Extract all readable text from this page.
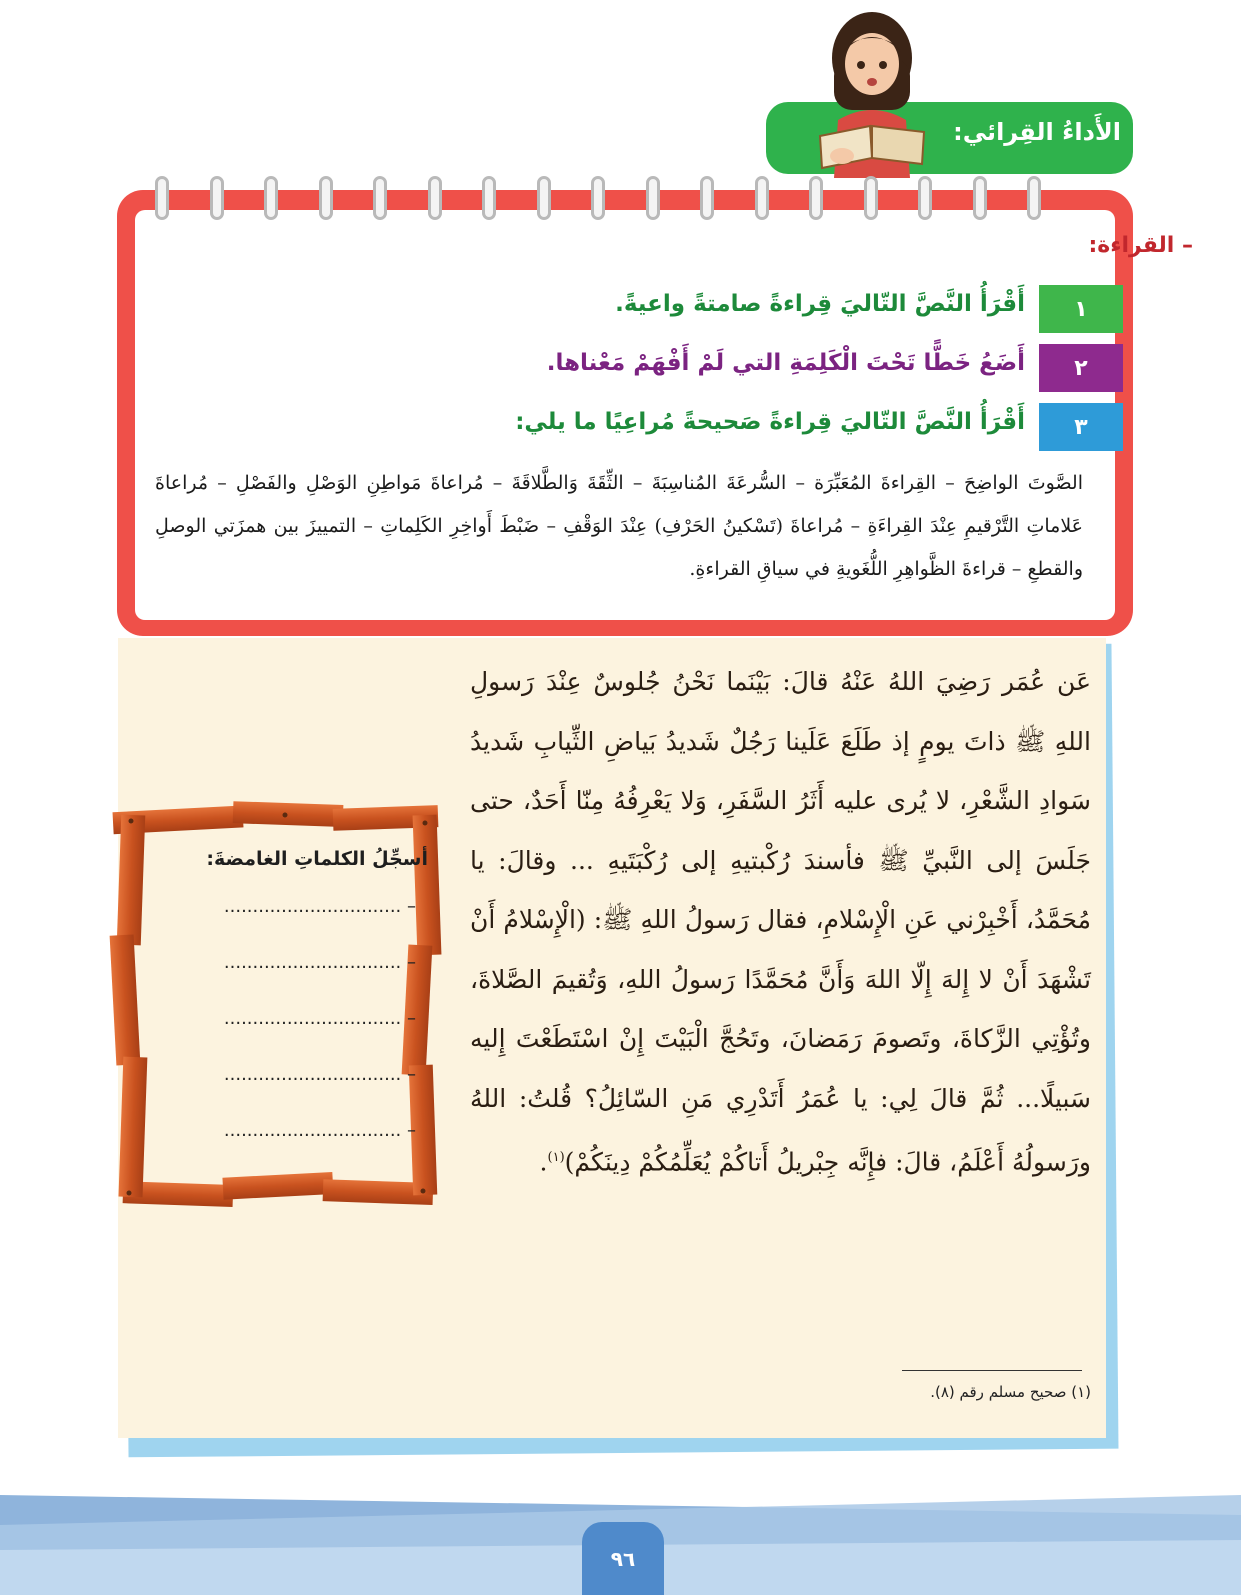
الأَداءُ القِرائي:
– القراءة:
١
أَقْرَأُ النَّصَّ التّاليَ قِراءةً صامتةً واعيةً.
٢
أَضَعُ خَطًّا تَحْتَ الْكَلِمَةِ التي لَمْ أَفْهَمْ مَعْناها.
٣
أَقْرَأُ النَّصَّ التّاليَ قِراءةً صَحيحةً مُراعِيًا ما يلي:
الصَّوتَ الواضِحَ – القِراءةَ المُعَبِّرَة – السُّرعَةَ المُناسِبَةَ – الثِّقَةَ وَالطَّلاقَةَ – مُراعاةَ مَواطِنِ الوَصْلِ والفَصْلِ – مُراعاةَ عَلاماتِ التَّرْقيمِ عِنْدَ القِراءَةِ – مُراعاةَ (تَسْكينُ الحَرْفِ) عِنْدَ الوَقْفِ – ضَبْطَ أَواخِرِ الكَلِماتِ – التمييزَ بين همزَتي الوصلِ والقطعِ – قراءةَ الظَّواهِرِ اللُّغَويةِ في سياقِ القراءةِ.

عَن عُمَر رَضِيَ اللهُ عَنْهُ قالَ: بَيْنَما نَحْنُ جُلوسٌ عِنْدَ رَسولِ اللهِ ﷺ ذاتَ يومٍ إذ طَلَعَ عَلَينا رَجُلٌ شَديدُ بَياضِ الثِّيابِ شَديدُ سَوادِ الشَّعْرِ، لا يُرى عليه أَثَرُ السَّفَرِ، وَلا يَعْرِفُهُ مِنّا أَحَدٌ، حتى جَلَسَ إلى النَّبيِّ ﷺ فأسندَ رُكْبتيهِ إلى رُكْبَتَيهِ ... وقالَ: يا مُحَمَّدُ، أَخْبِرْني عَنِ الْإِسْلامِ، فقال رَسولُ اللهِ ﷺ: (الْإِسْلامُ أَنْ تَشْهَدَ أَنْ لا إِلهَ إِلّا اللهَ وَأَنَّ مُحَمَّدًا رَسولُ اللهِ، وَتُقيمَ الصَّلاةَ، وتُؤْتِي الزَّكاةَ، وتَصومَ رَمَضانَ، وتَحُجَّ الْبَيْتَ إِنْ اسْتَطَعْتَ إِليه سَبيلًا... ثُمَّ قالَ لِي: يا عُمَرُ أَتَدْرِي مَنِ السّائِلُ؟ قُلتُ: اللهُ ورَسولُهُ أَعْلَمُ، قالَ: فإِنَّه جِبْريلُ أَتاكُمْ يُعَلِّمُكُمْ دِينَكُمْ)$^{(١)}$.

(١) صحيح مسلم رقم (٨).
أسجِّلُ الكلماتِ الغامضةَ:
– ...............................
– ...............................
– ...............................
– ...............................
– ...............................
٩٦
